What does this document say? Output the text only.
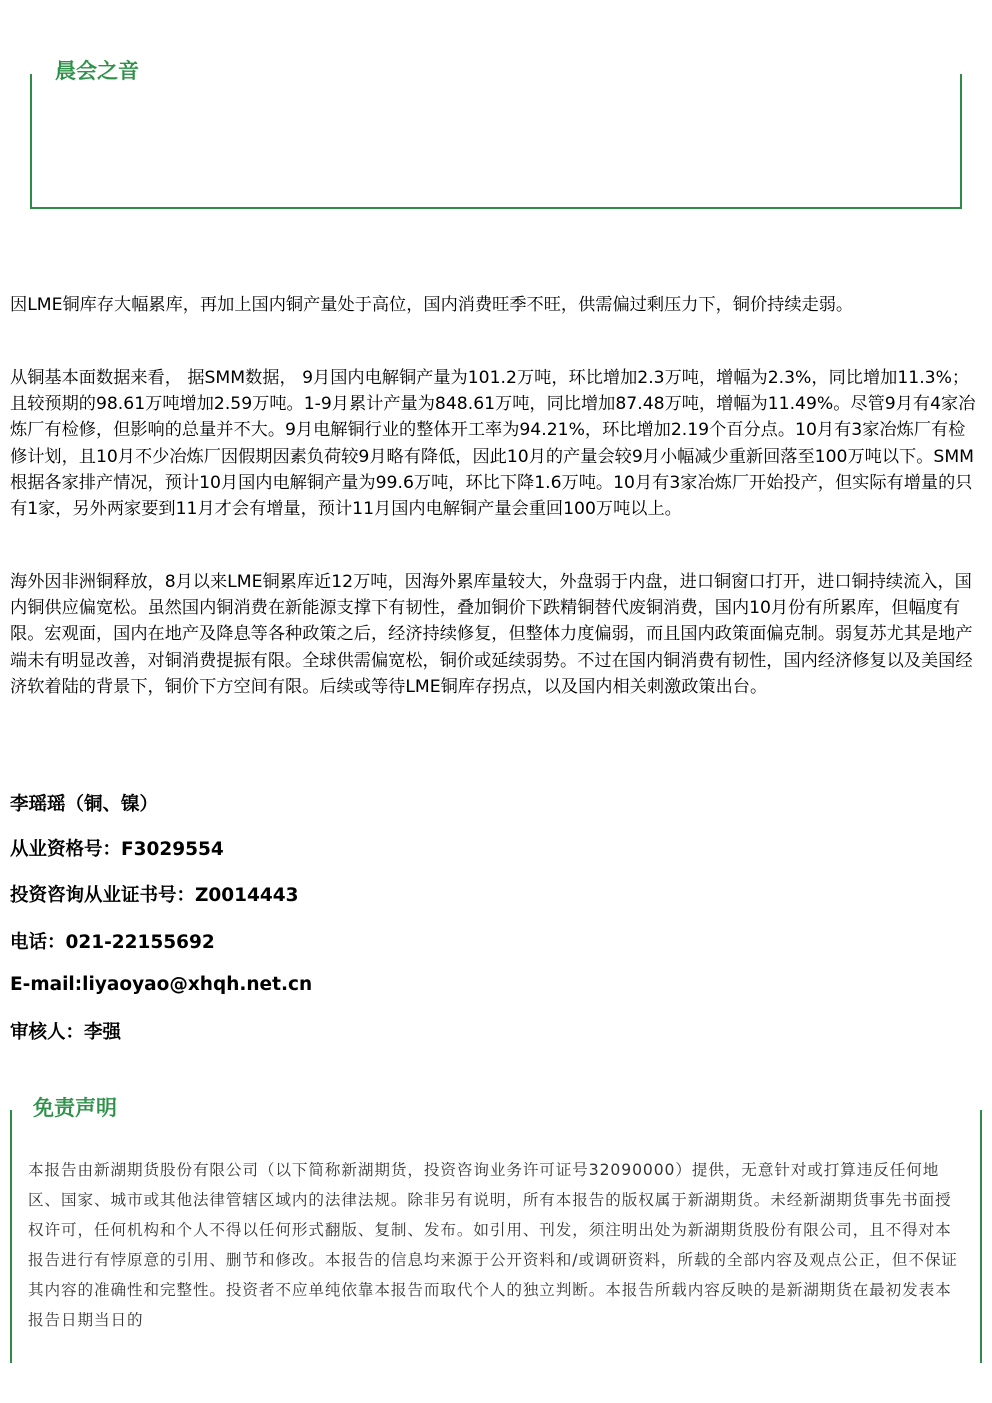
晨会之音

因LME铜库存大幅累库，再加上国内铜产量处于高位，国内消费旺季不旺，供需偏过剩压力下，铜价持续走弱。

从铜基本面数据来看， 据SMM数据， 9月国内电解铜产量为101.2万吨，环比增加2.3万吨，增幅为2.3%，同比增加11.3%；且较预期的98.61万吨增加2.59万吨。1-9月累计产量为848.61万吨，同比增加87.48万吨，增幅为11.49%。尽管9月有4家冶炼厂有检修，但影响的总量并不大。9月电解铜行业的整体开工率为94.21%，环比增加2.19个百分点。10月有3家冶炼厂有检修计划，且10月不少冶炼厂因假期因素负荷较9月略有降低，因此10月的产量会较9月小幅减少重新回落至100万吨以下。SMM根据各家排产情况，预计10月国内电解铜产量为99.6万吨，环比下降1.6万吨。10月有3家冶炼厂开始投产，但实际有增量的只有1家，另外两家要到11月才会有增量，预计11月国内电解铜产量会重回100万吨以上。

海外因非洲铜释放，8月以来LME铜累库近12万吨，因海外累库量较大，外盘弱于内盘，进口铜窗口打开，进口铜持续流入，国内铜供应偏宽松。虽然国内铜消费在新能源支撑下有韧性，叠加铜价下跌精铜替代废铜消费，国内10月份有所累库，但幅度有限。宏观面，国内在地产及降息等各种政策之后，经济持续修复，但整体力度偏弱，而且国内政策面偏克制。弱复苏尤其是地产端未有明显改善，对铜消费提振有限。全球供需偏宽松，铜价或延续弱势。不过在国内铜消费有韧性，国内经济修复以及美国经济软着陆的背景下，铜价下方空间有限。后续或等待LME铜库存拐点，以及国内相关刺激政策出台。

李瑶瑶（铜、镍）
从业资格号：F3029554
投资咨询从业证书号：Z0014443
电话：021-22155692
E-mail:liyaoyao@xhqh.net.cn
审核人：李强
免责声明

本报告由新湖期货股份有限公司（以下简称新湖期货，投资咨询业务许可证号32090000）提供，无意针对或打算违反任何地区、国家、城市或其他法律管辖区域内的法律法规。除非另有说明，所有本报告的版权属于新湖期货。未经新湖期货事先书面授权许可，任何机构和个人不得以任何形式翻版、复制、发布。如引用、刊发，须注明出处为新湖期货股份有限公司，且不得对本报告进行有悖原意的引用、删节和修改。本报告的信息均来源于公开资料和/或调研资料，所载的全部内容及观点公正，但不保证其内容的准确性和完整性。投资者不应单纯依靠本报告而取代个人的独立判断。本报告所载内容反映的是新湖期货在最初发表本报告日期当日的
